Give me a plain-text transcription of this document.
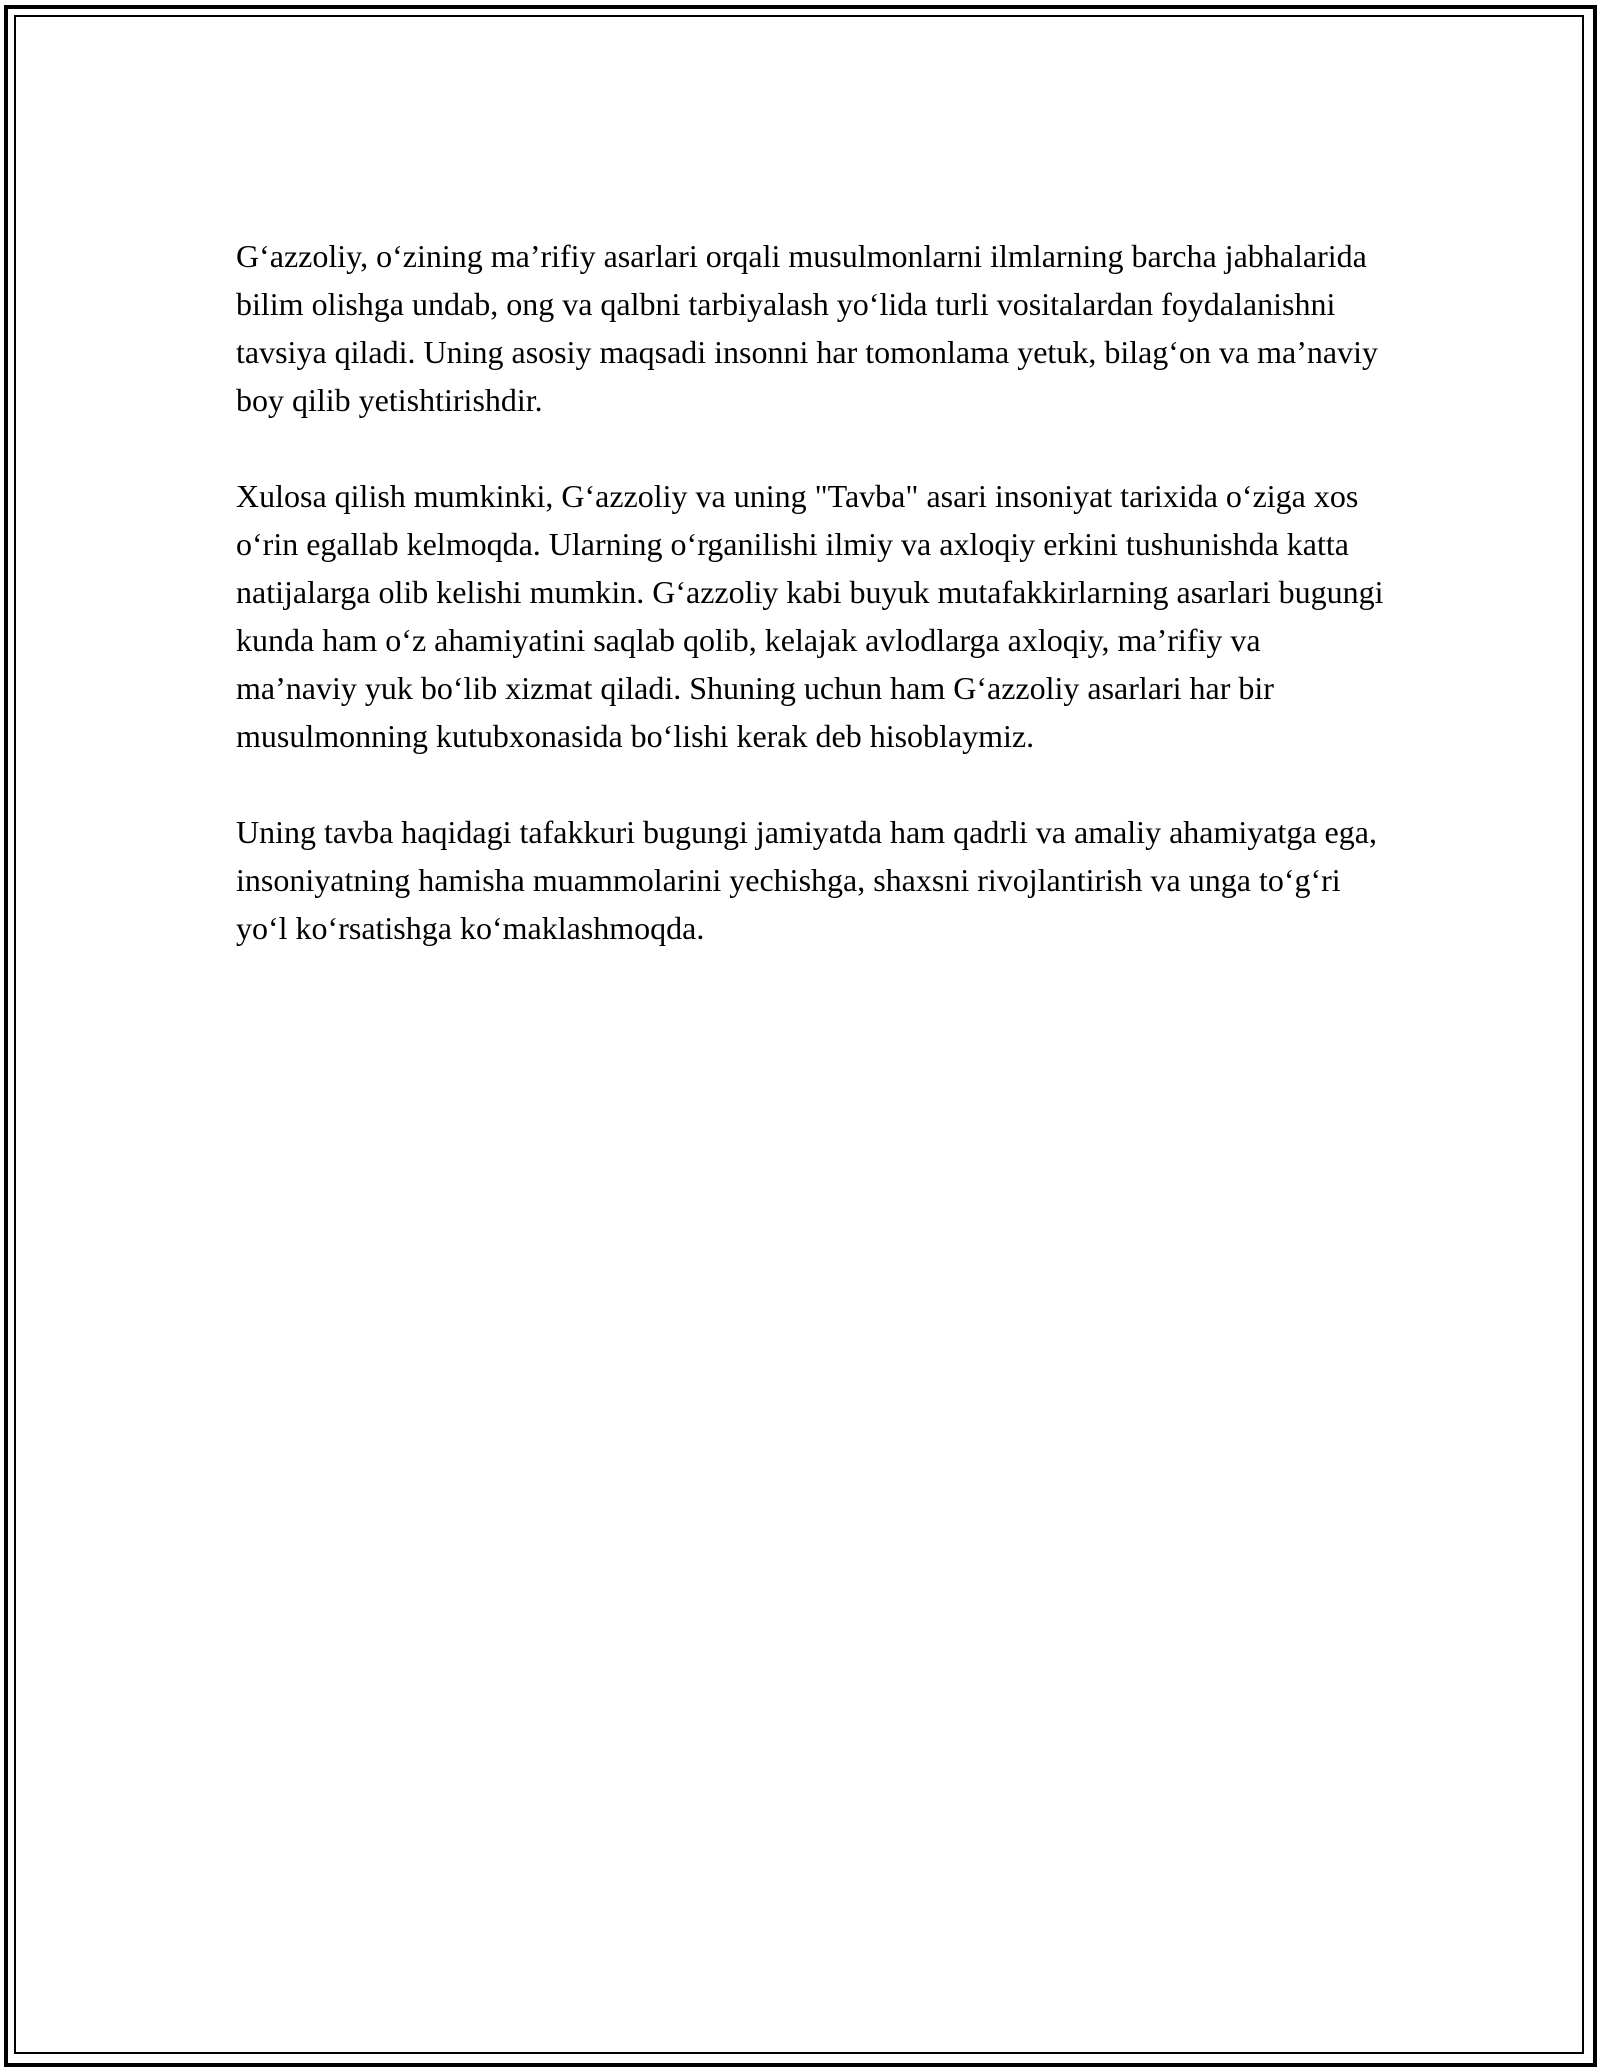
G‘azzoliy, o‘zining ma’rifiy asarlari orqali musulmonlarni ilmlarning barcha jabhalarida bilim olishga undab, ong va qalbni tarbiyalash yo‘lida turli vositalardan foydalanishni tavsiya qiladi. Uning asosiy maqsadi insonni har tomonlama yetuk, bilag‘on va ma’naviy boy qilib yetishtirishdir.

Xulosa qilish mumkinki, G‘azzoliy va uning "Tavba" asari insoniyat tarixida o‘ziga xos o‘rin egallab kelmoqda. Ularning o‘rganilishi ilmiy va axloqiy erkini tushunishda katta natijalarga olib kelishi mumkin. G‘azzoliy kabi buyuk mutafakkirlarning asarlari bugungi kunda ham o‘z ahamiyatini saqlab qolib, kelajak avlodlarga axloqiy, ma’rifiy va ma’naviy yuk bo‘lib xizmat qiladi. Shuning uchun ham G‘azzoliy asarlari har bir musulmonning kutubxonasida bo‘lishi kerak deb hisoblaymiz.

Uning tavba haqidagi tafakkuri bugungi jamiyatda ham qadrli va amaliy ahamiyatga ega, insoniyatning hamisha muammolarini yechishga, shaxsni rivojlantirish va unga to‘g‘ri yo‘l ko‘rsatishga ko‘maklashmoqda.
